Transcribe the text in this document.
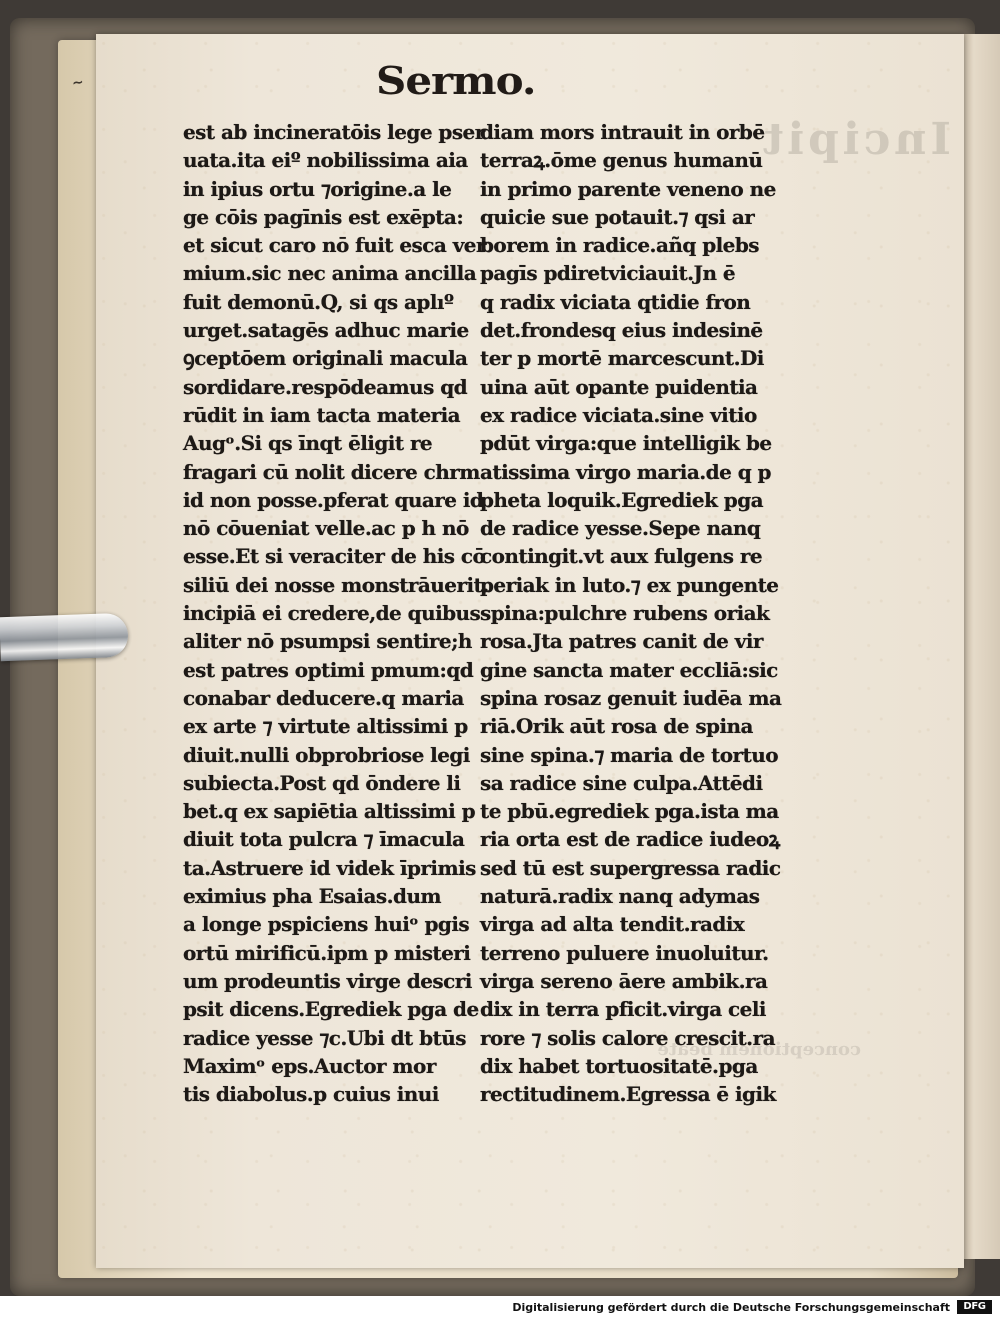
Incipit
conceptionem beate
~	Sermo.
est ab incineratōis lege pser
uata.ita eiº nobilissima aia
in ipius ortu ⁊origine.a le
ge cōis pagīnis est exēpta:
et sicut caro nō fuit esca ver
mium.sic nec anima ancilla
fuit demonū.Q, si qs aplıº
urget.satagēs adhuc marie
ꝯceptōem originali macula
sordidare.respōdeamus qd
rūdit in iam tacta materia
Augᵒ.Si qs īnqt ēligit re
fragari cū nolit dicere chrm
id non posse.pferat quare id
nō cōueniat velle.ac p h nō
esse.Et si veraciter de his cō
siliū dei nosse monstrāuerit.
incipiā ei credere,de quibus
aliter nō psumpsi sentire;h
est patres optimi pmum:qd
conabar deducere.q maria
ex arte ⁊ virtute altissimi p
diuit.nulli obprobriose legi
subiecta.Post qd ōndere li
bet.q ex sapiētia altissimi p
diuit tota pulcra ⁊ īmacula
ta.Astruere id videk īprimis
eximius pha Esaias.dum
a longe pspiciens huiᵒ pgis
ortū mirificū.ipm p misteri
um prodeuntis virge descri
psit dicens.Egrediek pga de
radice yesse ⁊c.Ubi dt btūs
Maximᵒ eps.Auctor mor
tis diabolus.p cuius inui
diam mors intrauit in orbē
terraꝝ.ōme genus humanū
in primo parente veneno ne
quicie sue potauit.⁊ qsi ar
borem in radice.añq plebs
pagīs pdiretviciauit.Jn ē
q radix viciata qtidie fron
det.frondesq eius indesinē
ter p mortē marcescunt.Di
uina aūt opante puidentia
ex radice viciata.sine vitio
pdūt virga:que intelligik be
atissima virgo maria.de q p
pheta loquik.Egrediek pga
de radice yesse.Sepe nanq
contingit.vt aux fulgens re
periak in luto.⁊ ex pungente
spina:pulchre rubens oriak
rosa.Jta patres canit de vir
gine sancta mater eccliā:sic
spina rosaz genuit iudēa ma
riā.Orik aūt rosa de spina
sine spina.⁊ maria de tortuo
sa radice sine culpa.Attēdi
te pbū.egrediek pga.ista ma
ria orta est de radice iudeoꝝ
sed tū est supergressa radic
naturā.radix nanq adymas
virga ad alta tendit.radix
terreno puluere inuoluitur.
virga sereno āere ambik.ra
dix in terra pficit.virga celi
rore ⁊ solis calore crescit.ra
dix habet tortuositatē.pga
rectitudinem.Egressa ē igik
Digitalisierung gefördert durch die Deutsche Forschungsgemeinschaft	DFG
